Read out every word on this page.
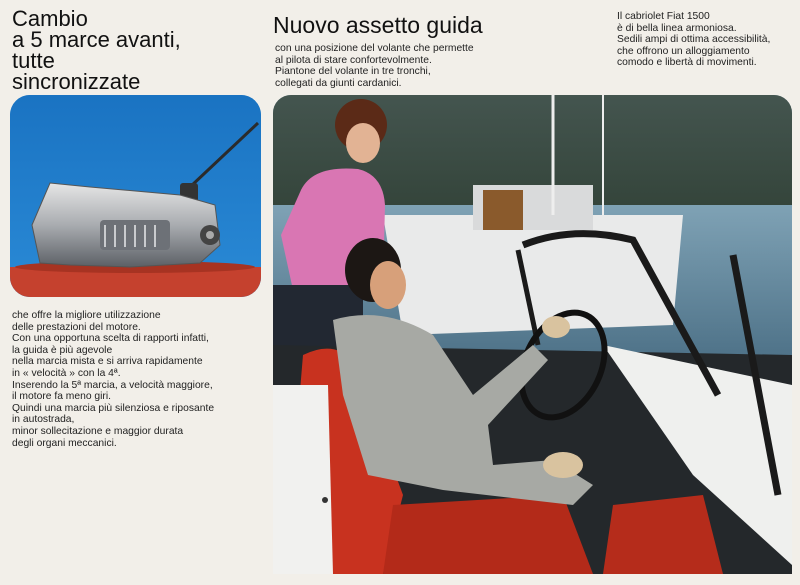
Cambio
a 5 marce avanti,
tutte
sincronizzate
Nuovo assetto guida
con una posizione del volante che permette
al pilota di stare confortevolmente.
Piantone del volante in tre tronchi,
collegati da giunti cardanici.
Il cabriolet Fiat 1500
è di bella linea armoniosa.
Sedili ampi di ottima accessibilità,
che offrono un alloggiamento
comodo e libertà di movimenti.
che offre la migliore utilizzazione
delle prestazioni del motore.
Con una opportuna scelta di rapporti infatti,
la guida è più agevole
nella marcia mista e si arriva rapidamente
in « velocità » con la 4ª.
Inserendo la 5ª marcia, a velocità maggiore,
il motore fa meno giri.
Quindi una marcia più silenziosa e riposante
in autostrada,
minor sollecitazione e maggior durata
degli organi meccanici.
